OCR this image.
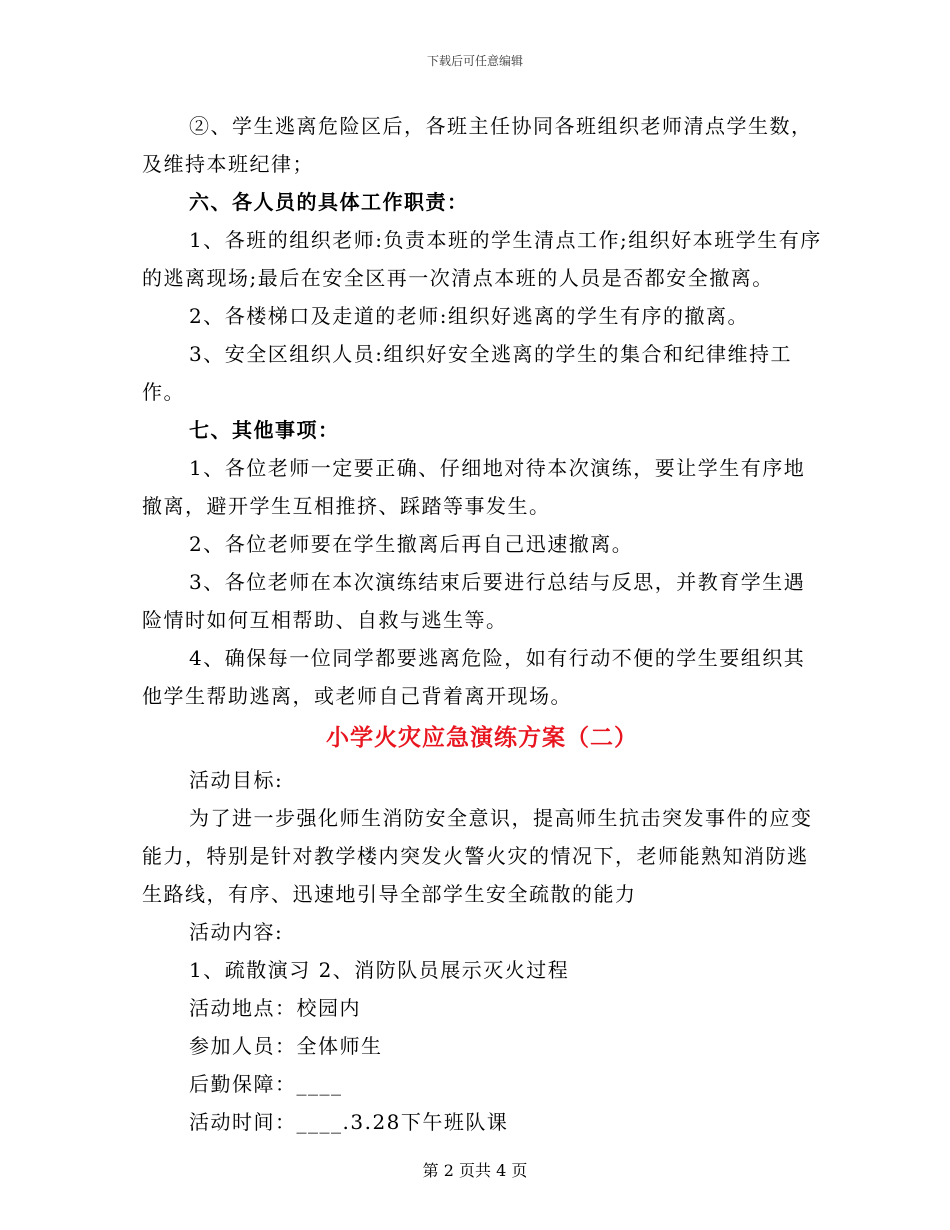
下载后可任意编辑

②、学生逃离危险区后，各班主任协同各班组织老师清点学生数，及维持本班纪律；

六、各人员的具体工作职责：

1、各班的组织老师:负责本班的学生清点工作;组织好本班学生有序的逃离现场;最后在安全区再一次清点本班的人员是否都安全撤离。

2、各楼梯口及走道的老师:组织好逃离的学生有序的撤离。

3、安全区组织人员:组织好安全逃离的学生的集合和纪律维持工作。

七、其他事项：

1、各位老师一定要正确、仔细地对待本次演练，要让学生有序地撤离，避开学生互相推挤、踩踏等事发生。

2、各位老师要在学生撤离后再自己迅速撤离。

3、各位老师在本次演练结束后要进行总结与反思，并教育学生遇险情时如何互相帮助、自救与逃生等。

4、确保每一位同学都要逃离危险，如有行动不便的学生要组织其他学生帮助逃离，或老师自己背着离开现场。

小学火灾应急演练方案（二）

活动目标:

为了进一步强化师生消防安全意识，提高师生抗击突发事件的应变能力，特别是针对教学楼内突发火警火灾的情况下，老师能熟知消防逃生路线，有序、迅速地引导全部学生安全疏散的能力

活动内容:

1、疏散演习 2、消防队员展示灭火过程

活动地点：校园内

参加人员：全体师生

后勤保障：____

活动时间：____.3.28下午班队课

第 2 页共 4 页
